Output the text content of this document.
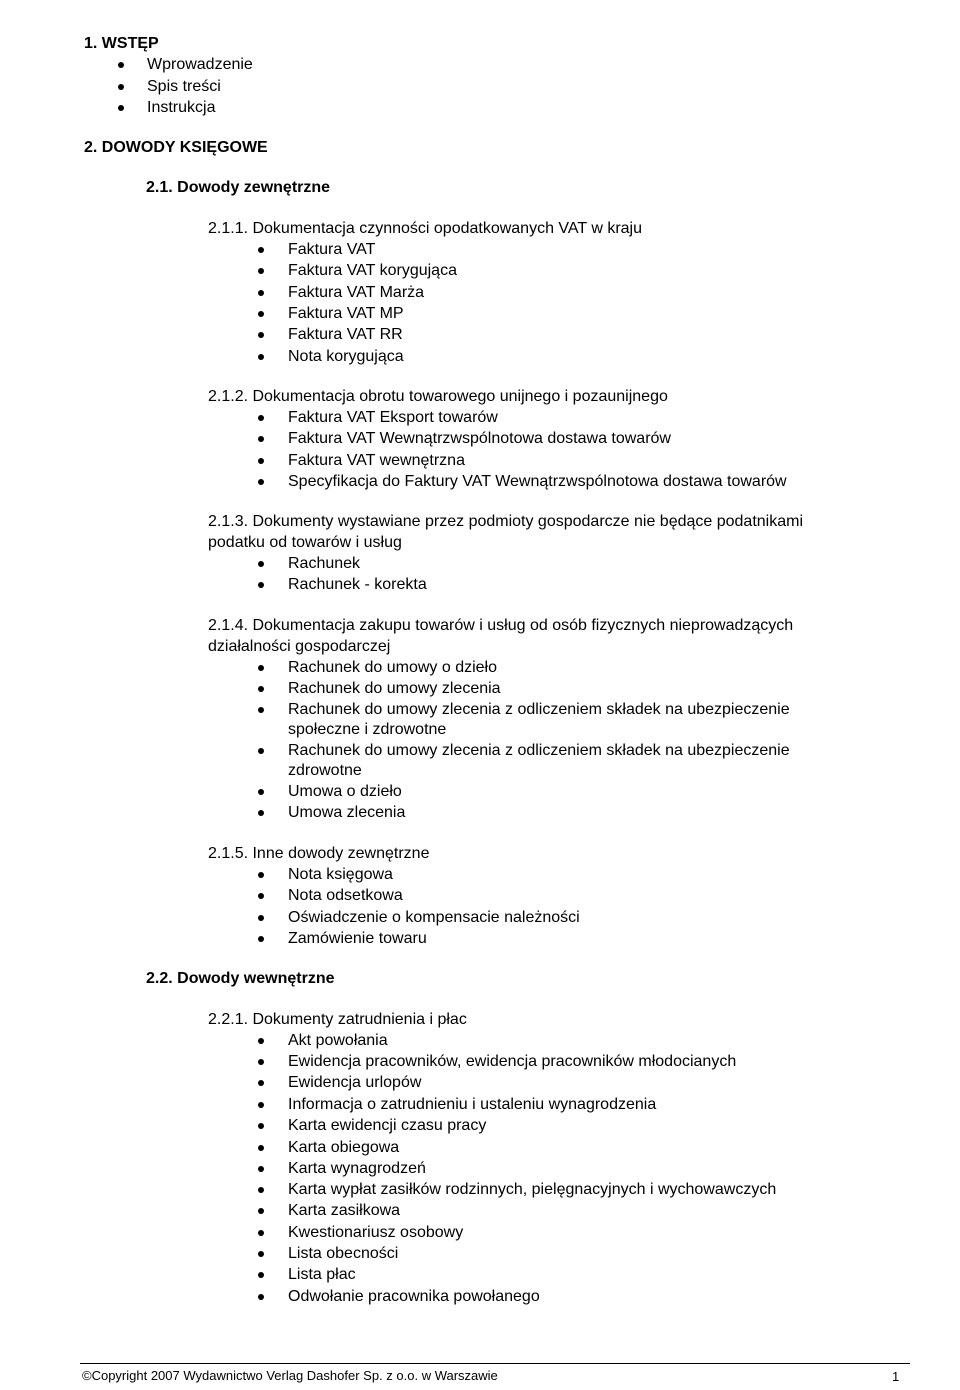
1. WSTĘP
Wprowadzenie
Spis treści
Instrukcja
2. DOWODY KSIĘGOWE
2.1. Dowody zewnętrzne
2.1.1. Dokumentacja czynności opodatkowanych VAT w kraju
Faktura VAT
Faktura VAT korygująca
Faktura VAT Marża
Faktura VAT MP
Faktura VAT RR
Nota korygująca
2.1.2. Dokumentacja obrotu towarowego unijnego i pozaunijnego
Faktura VAT Eksport towarów
Faktura VAT Wewnątrzwspólnotowa dostawa towarów
Faktura VAT wewnętrzna
Specyfikacja do Faktury VAT Wewnątrzwspólnotowa dostawa towarów
2.1.3. Dokumenty wystawiane przez podmioty gospodarcze nie będące podatnikami
podatku od towarów i usług
Rachunek
Rachunek - korekta
2.1.4. Dokumentacja zakupu towarów i usług od osób fizycznych nieprowadzących
działalności gospodarczej
Rachunek do umowy o dzieło
Rachunek do umowy zlecenia
Rachunek do umowy zlecenia z odliczeniem składek na ubezpieczenie
społeczne i zdrowotne
Rachunek do umowy zlecenia z odliczeniem składek na ubezpieczenie
zdrowotne
Umowa o dzieło
Umowa zlecenia
2.1.5. Inne dowody zewnętrzne
Nota księgowa
Nota odsetkowa
Oświadczenie o kompensacie należności
Zamówienie towaru
2.2. Dowody wewnętrzne
2.2.1. Dokumenty zatrudnienia i płac
Akt powołania
Ewidencja pracowników, ewidencja pracowników młodocianych
Ewidencja urlopów
Informacja o zatrudnieniu i ustaleniu wynagrodzenia
Karta ewidencji czasu pracy
Karta obiegowa
Karta wynagrodzeń
Karta wypłat zasiłków rodzinnych, pielęgnacyjnych i wychowawczych
Karta zasiłkowa
Kwestionariusz osobowy
Lista obecności
Lista płac
Odwołanie pracownika powołanego
©Copyright 2007 Wydawnictwo Verlag Dashofer Sp. z o.o. w Warszawie	1
